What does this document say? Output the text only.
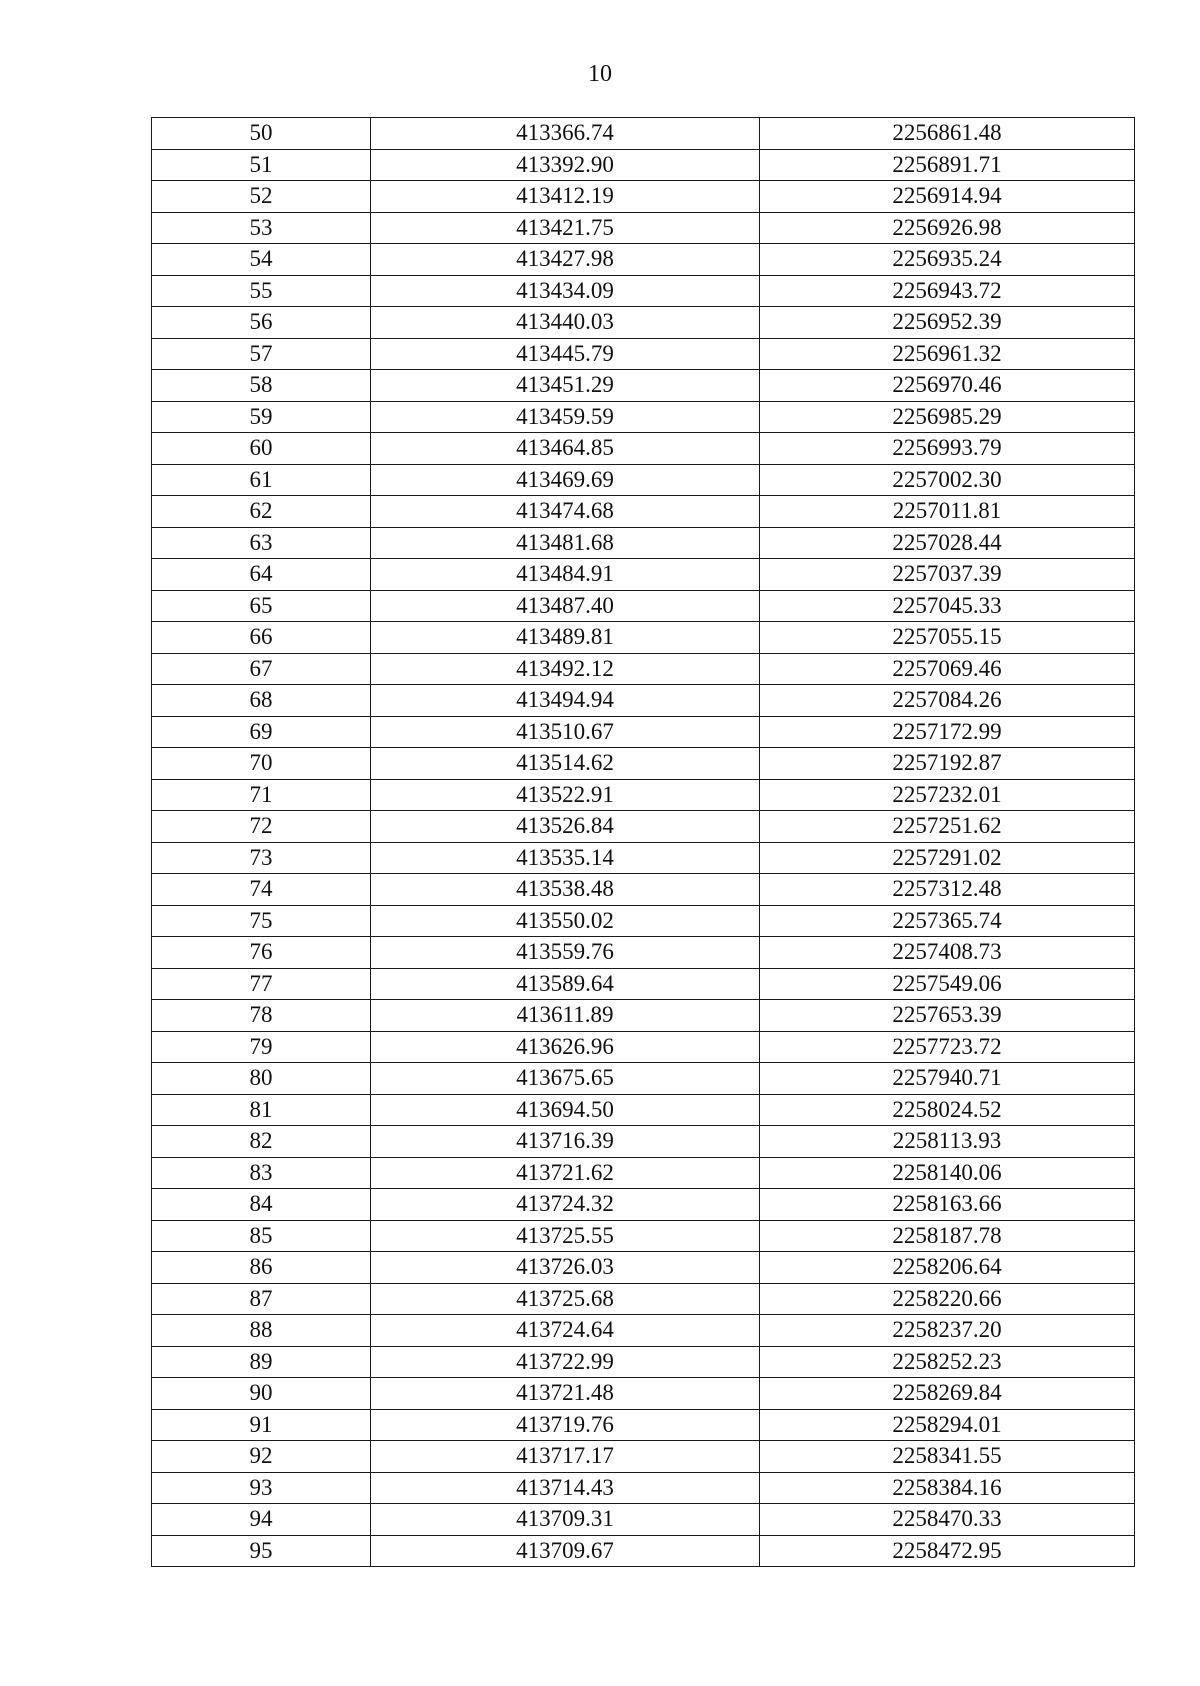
10
50	413366.74	2256861.48
51	413392.90	2256891.71
52	413412.19	2256914.94
53	413421.75	2256926.98
54	413427.98	2256935.24
55	413434.09	2256943.72
56	413440.03	2256952.39
57	413445.79	2256961.32
58	413451.29	2256970.46
59	413459.59	2256985.29
60	413464.85	2256993.79
61	413469.69	2257002.30
62	413474.68	2257011.81
63	413481.68	2257028.44
64	413484.91	2257037.39
65	413487.40	2257045.33
66	413489.81	2257055.15
67	413492.12	2257069.46
68	413494.94	2257084.26
69	413510.67	2257172.99
70	413514.62	2257192.87
71	413522.91	2257232.01
72	413526.84	2257251.62
73	413535.14	2257291.02
74	413538.48	2257312.48
75	413550.02	2257365.74
76	413559.76	2257408.73
77	413589.64	2257549.06
78	413611.89	2257653.39
79	413626.96	2257723.72
80	413675.65	2257940.71
81	413694.50	2258024.52
82	413716.39	2258113.93
83	413721.62	2258140.06
84	413724.32	2258163.66
85	413725.55	2258187.78
86	413726.03	2258206.64
87	413725.68	2258220.66
88	413724.64	2258237.20
89	413722.99	2258252.23
90	413721.48	2258269.84
91	413719.76	2258294.01
92	413717.17	2258341.55
93	413714.43	2258384.16
94	413709.31	2258470.33
95	413709.67	2258472.95
